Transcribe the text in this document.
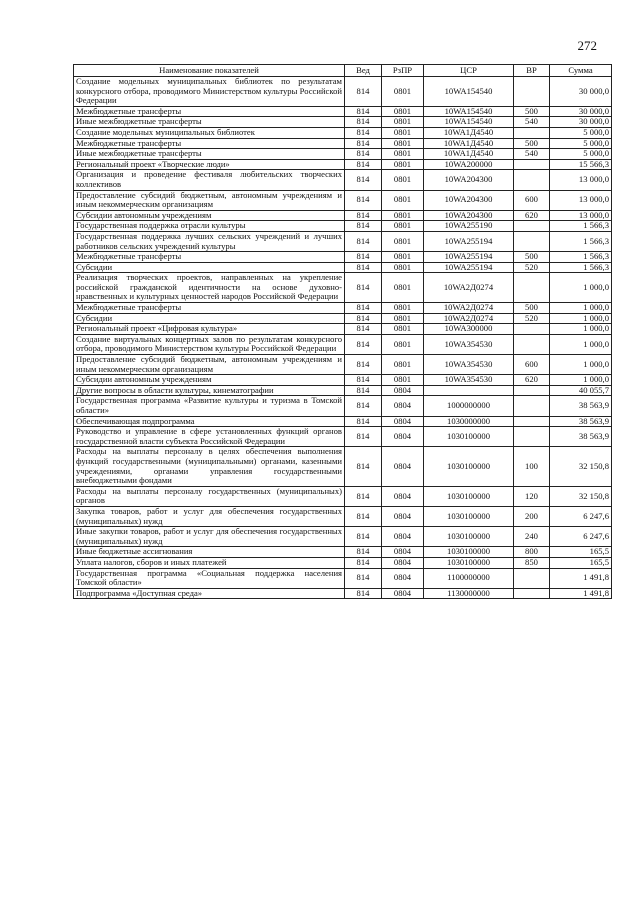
272
Наименование показателей	Вед	РзПР	ЦСР	ВР	Сумма
Создание модельных муниципальных библиотек по результатам конкурсного отбора, проводимого Министерством культуры Российской Федерации	814	0801	10WA154540		30 000,0
Межбюджетные трансферты	814	0801	10WA154540	500	30 000,0
Иные межбюджетные трансферты	814	0801	10WA154540	540	30 000,0
Создание модельных муниципальных библиотек	814	0801	10WA1Д4540		5 000,0
Межбюджетные трансферты	814	0801	10WA1Д4540	500	5 000,0
Иные межбюджетные трансферты	814	0801	10WA1Д4540	540	5 000,0
Региональный проект «Творческие люди»	814	0801	10WA200000		15 566,3
Организация и проведение фестиваля любительских творческих коллективов	814	0801	10WA204300		13 000,0
Предоставление субсидий бюджетным, автономным учреждениям и иным некоммерческим организациям	814	0801	10WA204300	600	13 000,0
Субсидии автономным учреждениям	814	0801	10WA204300	620	13 000,0
Государственная поддержка отрасли культуры	814	0801	10WA255190		1 566,3
Государственная поддержка лучших сельских учреждений и лучших работников сельских учреждений культуры	814	0801	10WA255194		1 566,3
Межбюджетные трансферты	814	0801	10WA255194	500	1 566,3
Субсидии	814	0801	10WA255194	520	1 566,3
Реализация творческих проектов, направленных на укрепление российской гражданской идентичности на основе духовно-нравственных и культурных ценностей народов Российской Федерации	814	0801	10WA2Д0274		1 000,0
Межбюджетные трансферты	814	0801	10WA2Д0274	500	1 000,0
Субсидии	814	0801	10WA2Д0274	520	1 000,0
Региональный проект «Цифровая культура»	814	0801	10WA300000		1 000,0
Создание виртуальных концертных залов по результатам конкурсного отбора, проводимого Министерством культуры Российской Федерации	814	0801	10WA354530		1 000,0
Предоставление субсидий бюджетным, автономным учреждениям и иным некоммерческим организациям	814	0801	10WA354530	600	1 000,0
Субсидии автономным учреждениям	814	0801	10WA354530	620	1 000,0
Другие вопросы в области культуры, кинематографии	814	0804			40 055,7
Государственная программа «Развитие культуры и туризма в Томской области»	814	0804	1000000000		38 563,9
Обеспечивающая подпрограмма	814	0804	1030000000		38 563,9
Руководство и управление в сфере установленных функций органов государственной власти субъекта Российской Федерации	814	0804	1030100000		38 563,9
Расходы на выплаты персоналу в целях обеспечения выполнения функций государственными (муниципальными) органами, казенными учреждениями, органами управления государственными внебюджетными фондами	814	0804	1030100000	100	32 150,8
Расходы на выплаты персоналу государственных (муниципальных) органов	814	0804	1030100000	120	32 150,8
Закупка товаров, работ и услуг для обеспечения государственных (муниципальных) нужд	814	0804	1030100000	200	6 247,6
Иные закупки товаров, работ и услуг для обеспечения государственных (муниципальных) нужд	814	0804	1030100000	240	6 247,6
Иные бюджетные ассигнования	814	0804	1030100000	800	165,5
Уплата налогов, сборов и иных платежей	814	0804	1030100000	850	165,5
Государственная программа «Социальная поддержка населения Томской области»	814	0804	1100000000		1 491,8
Подпрограмма «Доступная среда»	814	0804	1130000000		1 491,8
